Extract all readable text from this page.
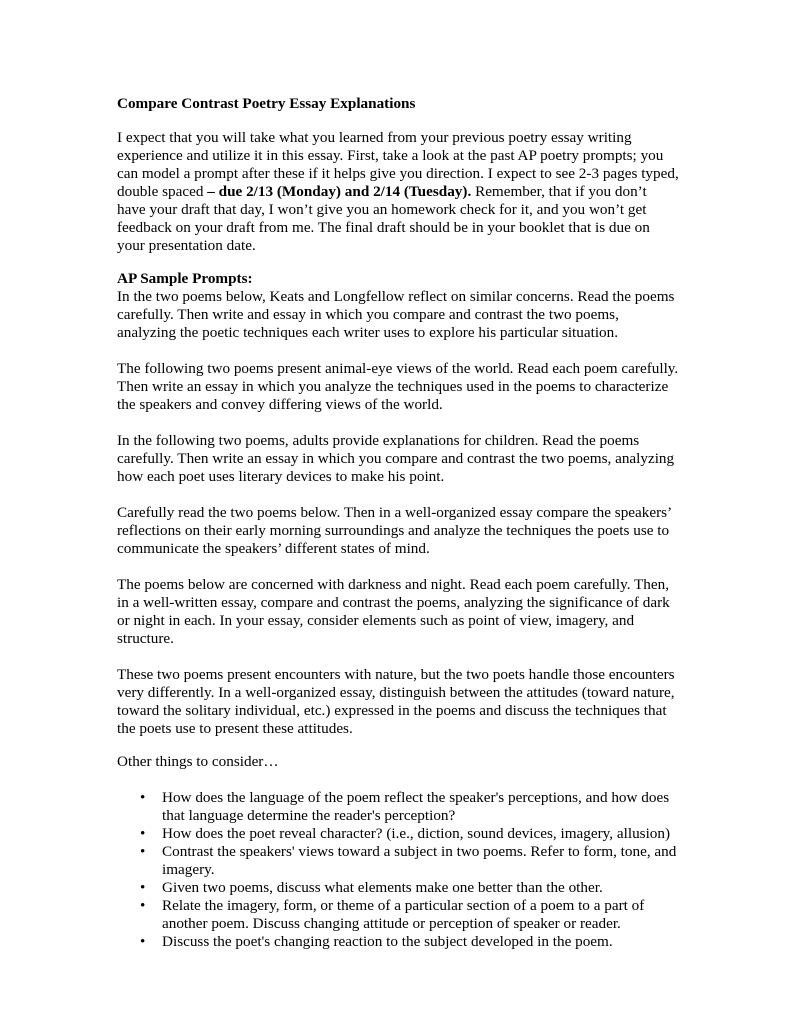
Compare Contrast Poetry Essay Explanations

I expect that you will take what you learned from your previous poetry essay writing experience and utilize it in this essay. First, take a look at the past AP poetry prompts; you can model a prompt after these if it helps give you direction. I expect to see 2-3 pages typed, double spaced – due 2/13 (Monday) and 2/14 (Tuesday). Remember, that if you don’t have your draft that day, I won’t give you an homework check for it, and you won’t get feedback on your draft from me. The final draft should be in your booklet that is due on your presentation date.

AP Sample Prompts:

In the two poems below, Keats and Longfellow reflect on similar concerns. Read the poems carefully. Then write and essay in which you compare and contrast the two poems, analyzing the poetic techniques each writer uses to explore his particular situation.

The following two poems present animal-eye views of the world. Read each poem carefully. Then write an essay in which you analyze the techniques used in the poems to characterize the speakers and convey differing views of the world.

In the following two poems, adults provide explanations for children. Read the poems carefully. Then write an essay in which you compare and contrast the two poems, analyzing how each poet uses literary devices to make his point.

Carefully read the two poems below. Then in a well-organized essay compare the speakers’ reflections on their early morning surroundings and analyze the techniques the poets use to communicate the speakers’ different states of mind.

The poems below are concerned with darkness and night. Read each poem carefully. Then, in a well-written essay, compare and contrast the poems, analyzing the significance of dark or night in each. In your essay, consider elements such as point of view, imagery, and structure.

These two poems present encounters with nature, but the two poets handle those encounters very differently. In a well-organized essay, distinguish between the attitudes (toward nature, toward the solitary individual, etc.) expressed in the poems and discuss the techniques that the poets use to present these attitudes.

Other things to consider…

• How does the language of the poem reflect the speaker's perceptions, and how does that language determine the reader's perception?
• How does the poet reveal character? (i.e., diction, sound devices, imagery, allusion)
• Contrast the speakers' views toward a subject in two poems. Refer to form, tone, and imagery.
• Given two poems, discuss what elements make one better than the other.
• Relate the imagery, form, or theme of a particular section of a poem to a part of another poem. Discuss changing attitude or perception of speaker or reader.
• Discuss the poet's changing reaction to the subject developed in the poem.
